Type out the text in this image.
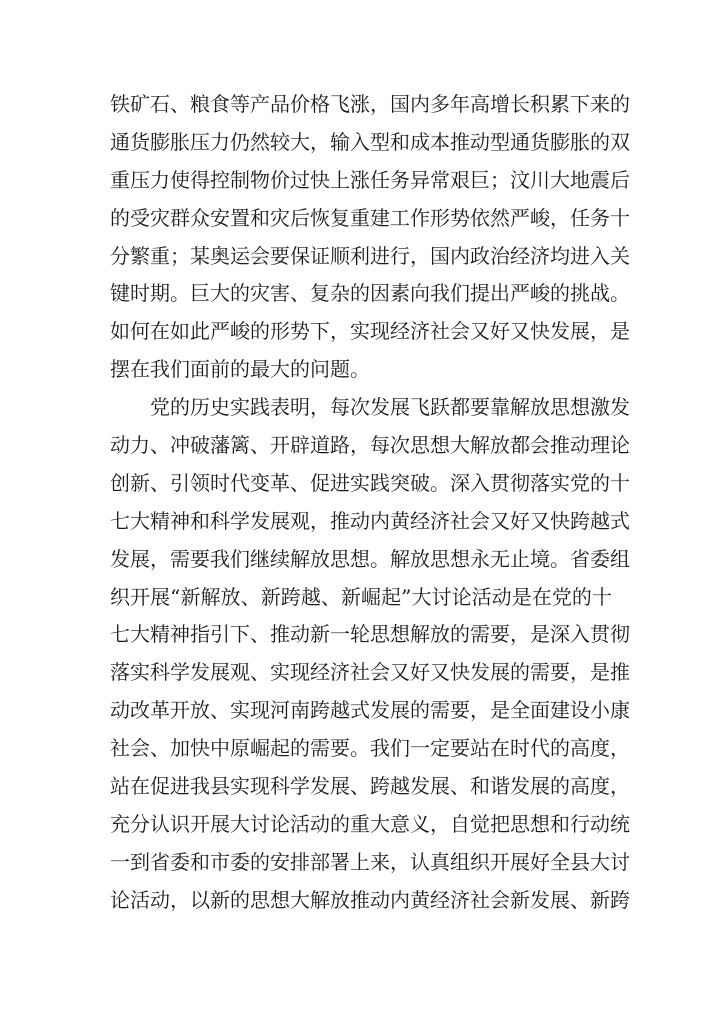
铁矿石、粮食等产品价格飞涨，国内多年高增长积累下来的
通货膨胀压力仍然较大，输入型和成本推动型通货膨胀的双
重压力使得控制物价过快上涨任务异常艰巨；汶川大地震后
的受灾群众安置和灾后恢复重建工作形势依然严峻，任务十
分繁重；某奥运会要保证顺利进行，国内政治经济均进入关
键时期。巨大的灾害、复杂的因素向我们提出严峻的挑战。
如何在如此严峻的形势下，实现经济社会又好又快发展，是
摆在我们面前的最大的问题。
党的历史实践表明，每次发展飞跃都要靠解放思想激发
动力、冲破藩篱、开辟道路，每次思想大解放都会推动理论
创新、引领时代变革、促进实践突破。深入贯彻落实党的十
七大精神和科学发展观，推动内黄经济社会又好又快跨越式
发展，需要我们继续解放思想。解放思想永无止境。省委组
织开展“新解放、新跨越、新崛起”大讨论活动是在党的十
七大精神指引下、推动新一轮思想解放的需要，是深入贯彻
落实科学发展观、实现经济社会又好又快发展的需要，是推
动改革开放、实现河南跨越式发展的需要，是全面建设小康
社会、加快中原崛起的需要。我们一定要站在时代的高度，
站在促进我县实现科学发展、跨越发展、和谐发展的高度，
充分认识开展大讨论活动的重大意义，自觉把思想和行动统
一到省委和市委的安排部署上来，认真组织开展好全县大讨
论活动，以新的思想大解放推动内黄经济社会新发展、新跨
